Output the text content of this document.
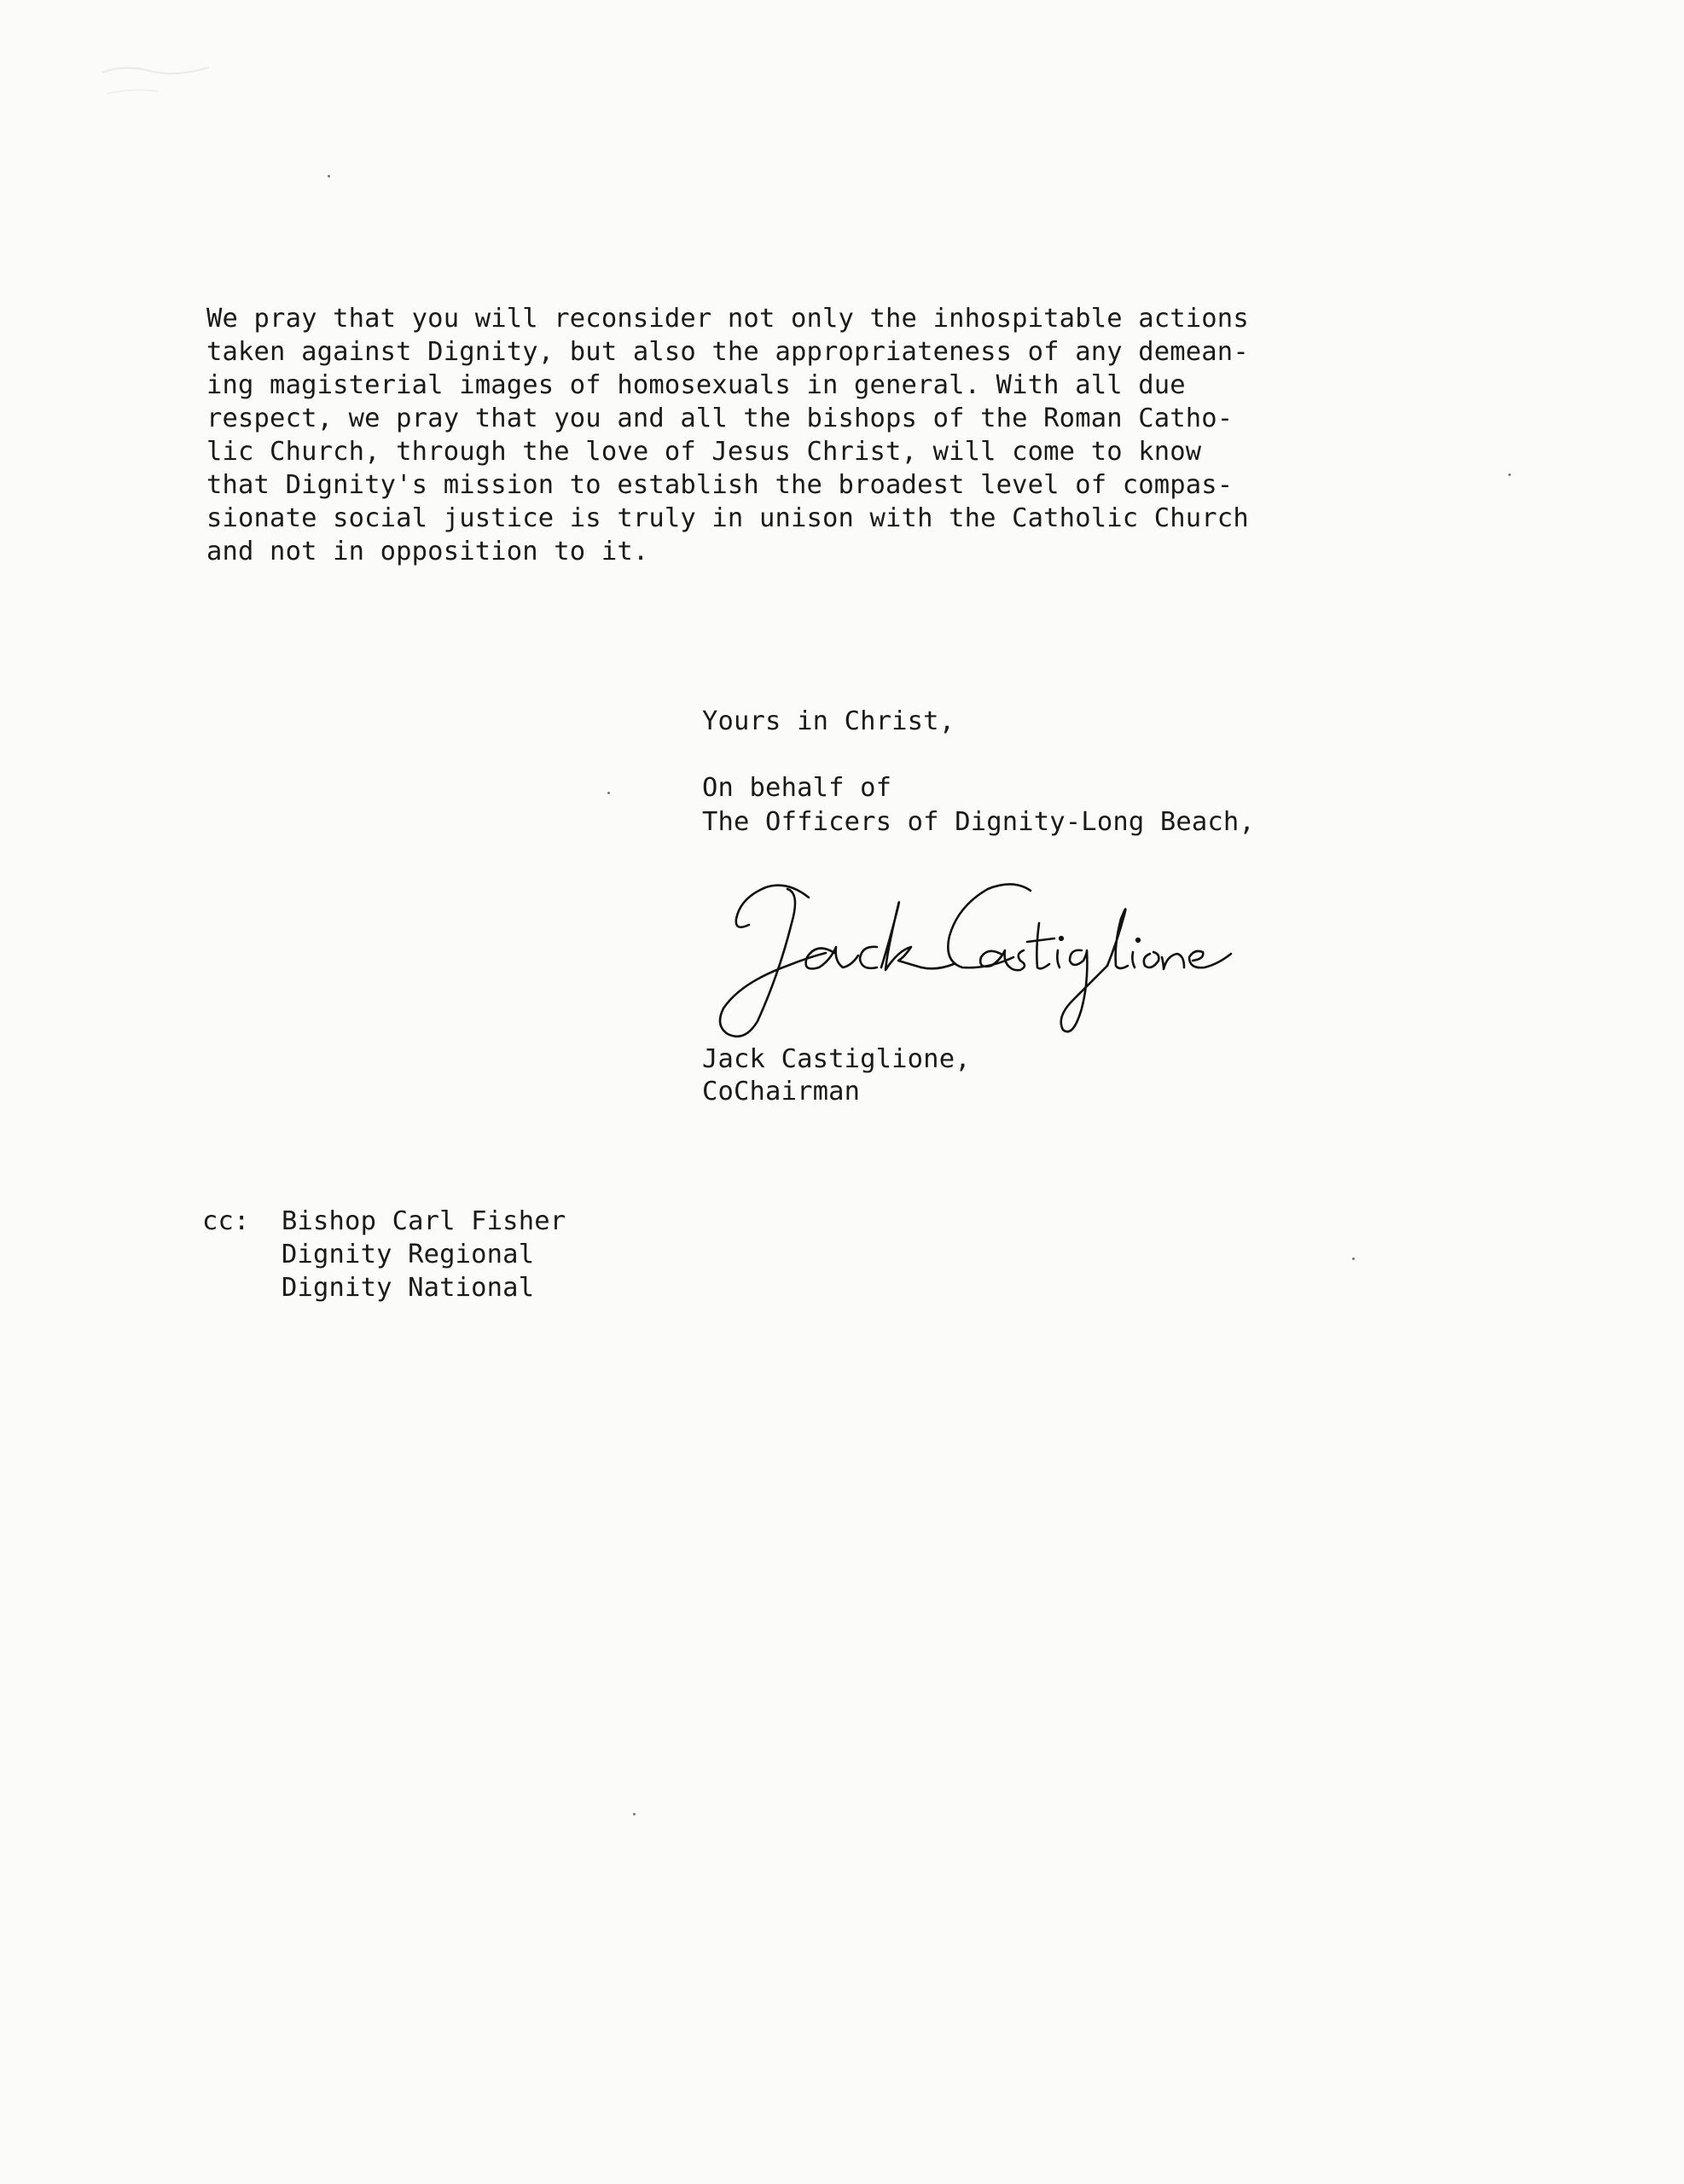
We pray that you will reconsider not only the inhospitable actions
taken against Dignity, but also the appropriateness of any demean-
ing magisterial images of homosexuals in general. With all due
respect, we pray that you and all the bishops of the Roman Catho-
lic Church, through the love of Jesus Christ, will come to know
that Dignity's mission to establish the broadest level of compas-
sionate social justice is truly in unison with the Catholic Church
and not in opposition to it.
Yours in Christ,
On behalf of
The Officers of Dignity-Long Beach,
Jack Castiglione,
CoChairman
cc: Bishop Carl Fisher
Dignity Regional
Dignity National
